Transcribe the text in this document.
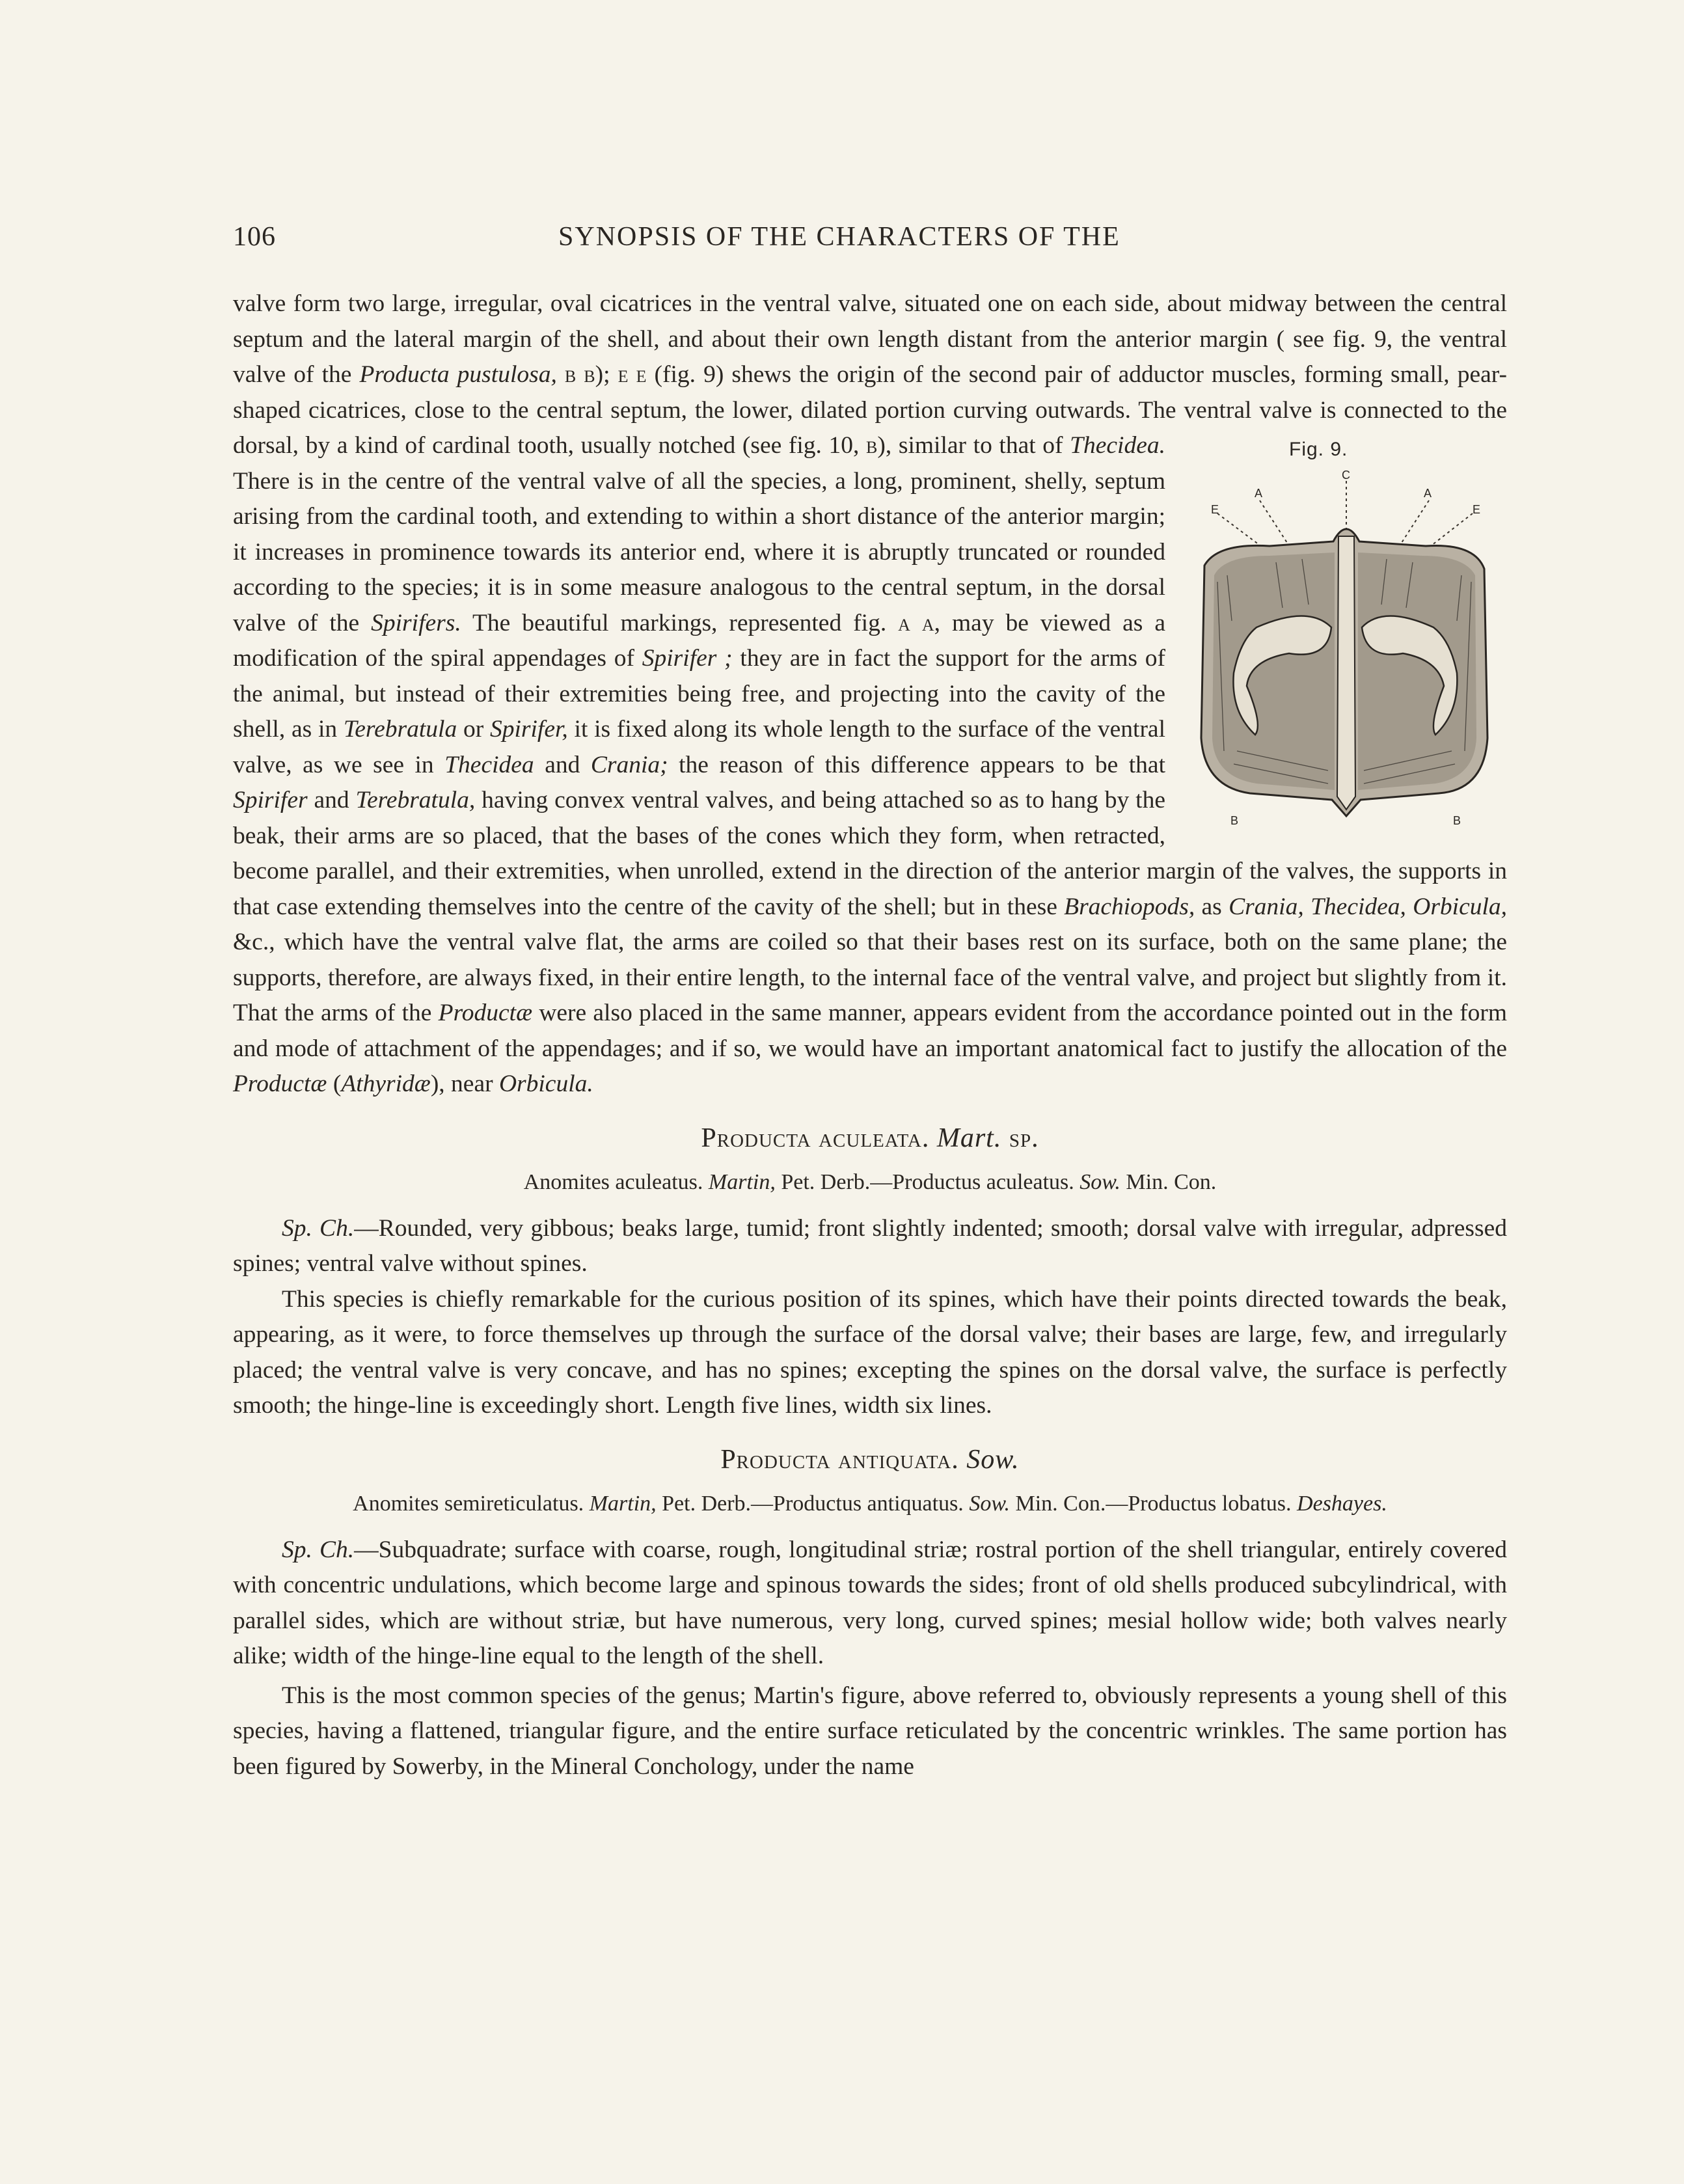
106	SYNOPSIS OF THE CHARACTERS OF THE

valve form two large, irregular, oval cicatrices in the ventral valve, situated one on each side, about midway between the central septum and the lateral margin of the shell, and about their own length distant from the anterior margin ( see fig. 9, the ventral valve of the Producta pustulosa, b b); e e (fig. 9) shews the origin of the second pair of adductor muscles, forming small, pear-shaped cicatrices, close to the central septum, the lower, dilated portion curving outwards. The ventral valve is connected to the dorsal, by a kind of cardinal tooth, usually notched (see fig. 10, b), similar to that of Thecidea.	Fig. 9.
A	A
C
E	E
B	B
There is in the centre of the ventral valve of all the species, a long, prominent, shelly, septum arising from the cardinal tooth, and extending to within a short distance of the anterior margin; it increases in prominence towards its anterior end, where it is abruptly truncated or rounded according to the species; it is in some measure analogous to the central septum, in the dorsal valve of the Spirifers. The beautiful markings, represented fig. a a, may be viewed as a modification of the spiral appendages of Spirifer ; they are in fact the support for the arms of the animal, but instead of their extremities being free, and projecting into the cavity of the shell, as in Terebratula or Spirifer, it is fixed along its whole length to the surface of the ventral valve, as we see in Thecidea and Crania; the reason of this difference appears to be that Spirifer and Terebratula, having convex ventral valves, and being attached so as to hang by the beak, their arms are so placed, that the bases of the cones which they form, when retracted, become parallel, and their extremities, when unrolled, extend in the direction of the anterior margin of the valves, the supports in that case extending themselves into the centre of the cavity of the shell; but in these Brachiopods, as Crania, Thecidea, Orbicula, &c., which have the ventral valve flat, the arms are coiled so that their bases rest on its surface, both on the same plane; the supports, therefore, are always fixed, in their entire length, to the internal face of the ventral valve, and project but slightly from it. That the arms of the Productæ were also placed in the same manner, appears evident from the accordance pointed out in the form and mode of attachment of the appendages; and if so, we would have an important anatomical fact to justify the allocation of the Productæ (Athyridæ), near Orbicula.

Producta aculeata. Mart. sp.

Anomites aculeatus. Martin, Pet. Derb.—Productus aculeatus. Sow. Min. Con.

Sp. Ch.—Rounded, very gibbous; beaks large, tumid; front slightly indented; smooth; dorsal valve with irregular, adpressed spines; ventral valve without spines.

This species is chiefly remarkable for the curious position of its spines, which have their points directed towards the beak, appearing, as it were, to force themselves up through the surface of the dorsal valve; their bases are large, few, and irregularly placed; the ventral valve is very concave, and has no spines; excepting the spines on the dorsal valve, the surface is perfectly smooth; the hinge-line is exceedingly short. Length five lines, width six lines.

Producta antiquata. Sow.

Anomites semireticulatus. Martin, Pet. Derb.—Productus antiquatus. Sow. Min. Con.—Productus lobatus. Deshayes.

Sp. Ch.—Subquadrate; surface with coarse, rough, longitudinal striæ; rostral portion of the shell triangular, entirely covered with concentric undulations, which become large and spinous towards the sides; front of old shells produced subcylindrical, with parallel sides, which are without striæ, but have numerous, very long, curved spines; mesial hollow wide; both valves nearly alike; width of the hinge-line equal to the length of the shell.

This is the most common species of the genus; Martin's figure, above referred to, obviously represents a young shell of this species, having a flattened, triangular figure, and the entire surface reticulated by the concentric wrinkles. The same portion has been figured by Sowerby, in the Mineral Conchology, under the name
